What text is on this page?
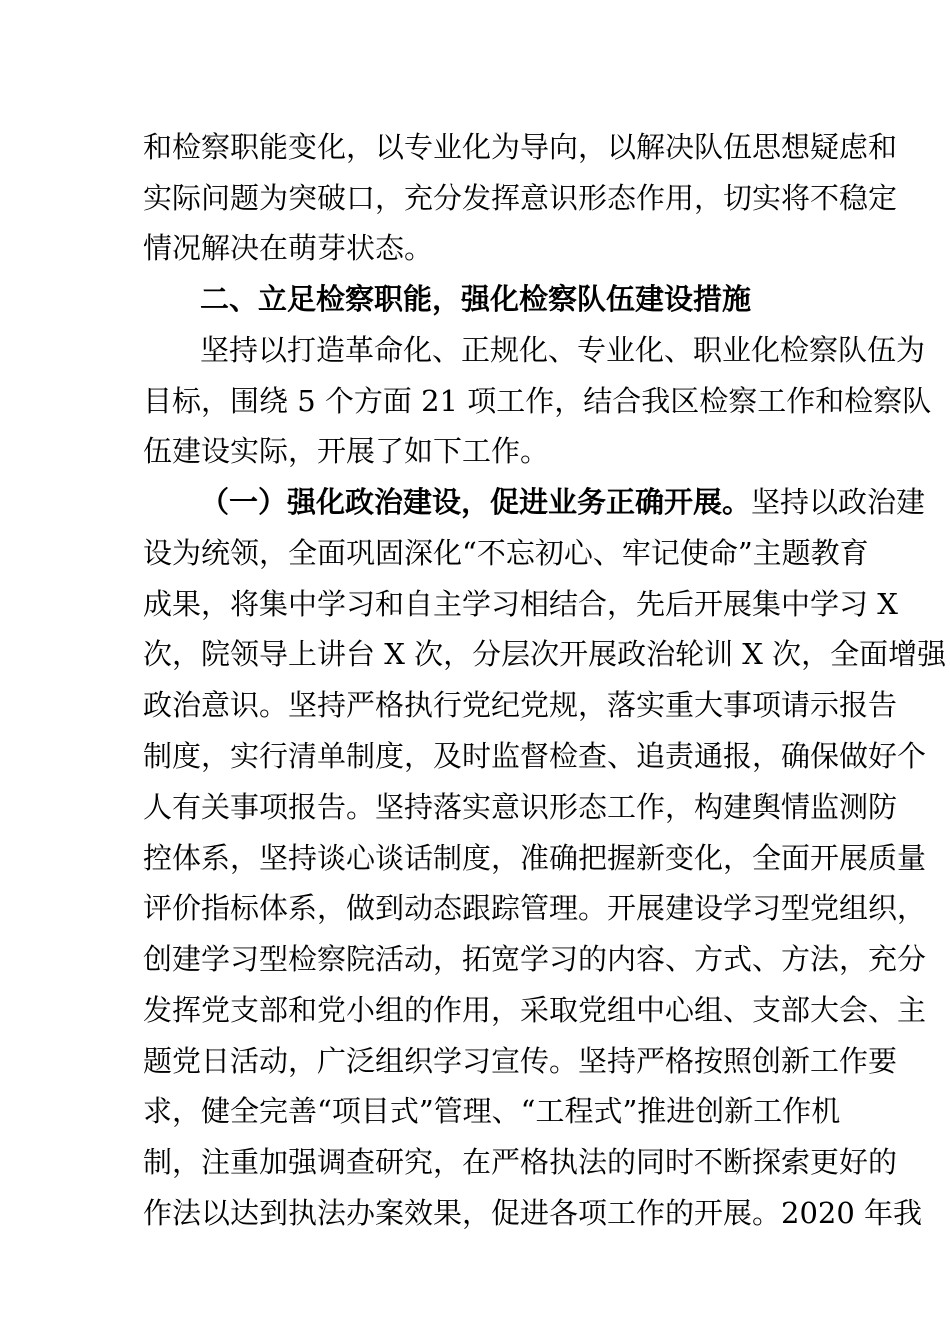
和检察职能变化，以专业化为导向，以解决队伍思想疑虑和
实际问题为突破口，充分发挥意识形态作用，切实将不稳定
情况解决在萌芽状态。
二、立足检察职能，强化检察队伍建设措施
坚持以打造革命化、正规化、专业化、职业化检察队伍为
目标，围绕 5 个方面 21 项工作，结合我区检察工作和检察队
伍建设实际，开展了如下工作。
（一）强化政治建设，促进业务正确开展。坚持以政治建
设为统领，全面巩固深化“不忘初心、牢记使命”主题教育
成果，将集中学习和自主学习相结合，先后开展集中学习 X
次，院领导上讲台 X 次，分层次开展政治轮训 X 次，全面增强
政治意识。坚持严格执行党纪党规，落实重大事项请示报告
制度，实行清单制度，及时监督检查、追责通报，确保做好个
人有关事项报告。坚持落实意识形态工作，构建舆情监测防
控体系，坚持谈心谈话制度，准确把握新变化，全面开展质量
评价指标体系，做到动态跟踪管理。开展建设学习型党组织，
创建学习型检察院活动，拓宽学习的内容、方式、方法，充分
发挥党支部和党小组的作用，采取党组中心组、支部大会、主
题党日活动，广泛组织学习宣传。坚持严格按照创新工作要
求，健全完善“项目式”管理、“工程式”推进创新工作机
制，注重加强调查研究，在严格执法的同时不断探索更好的
作法以达到执法办案效果，促进各项工作的开展。2020 年我
